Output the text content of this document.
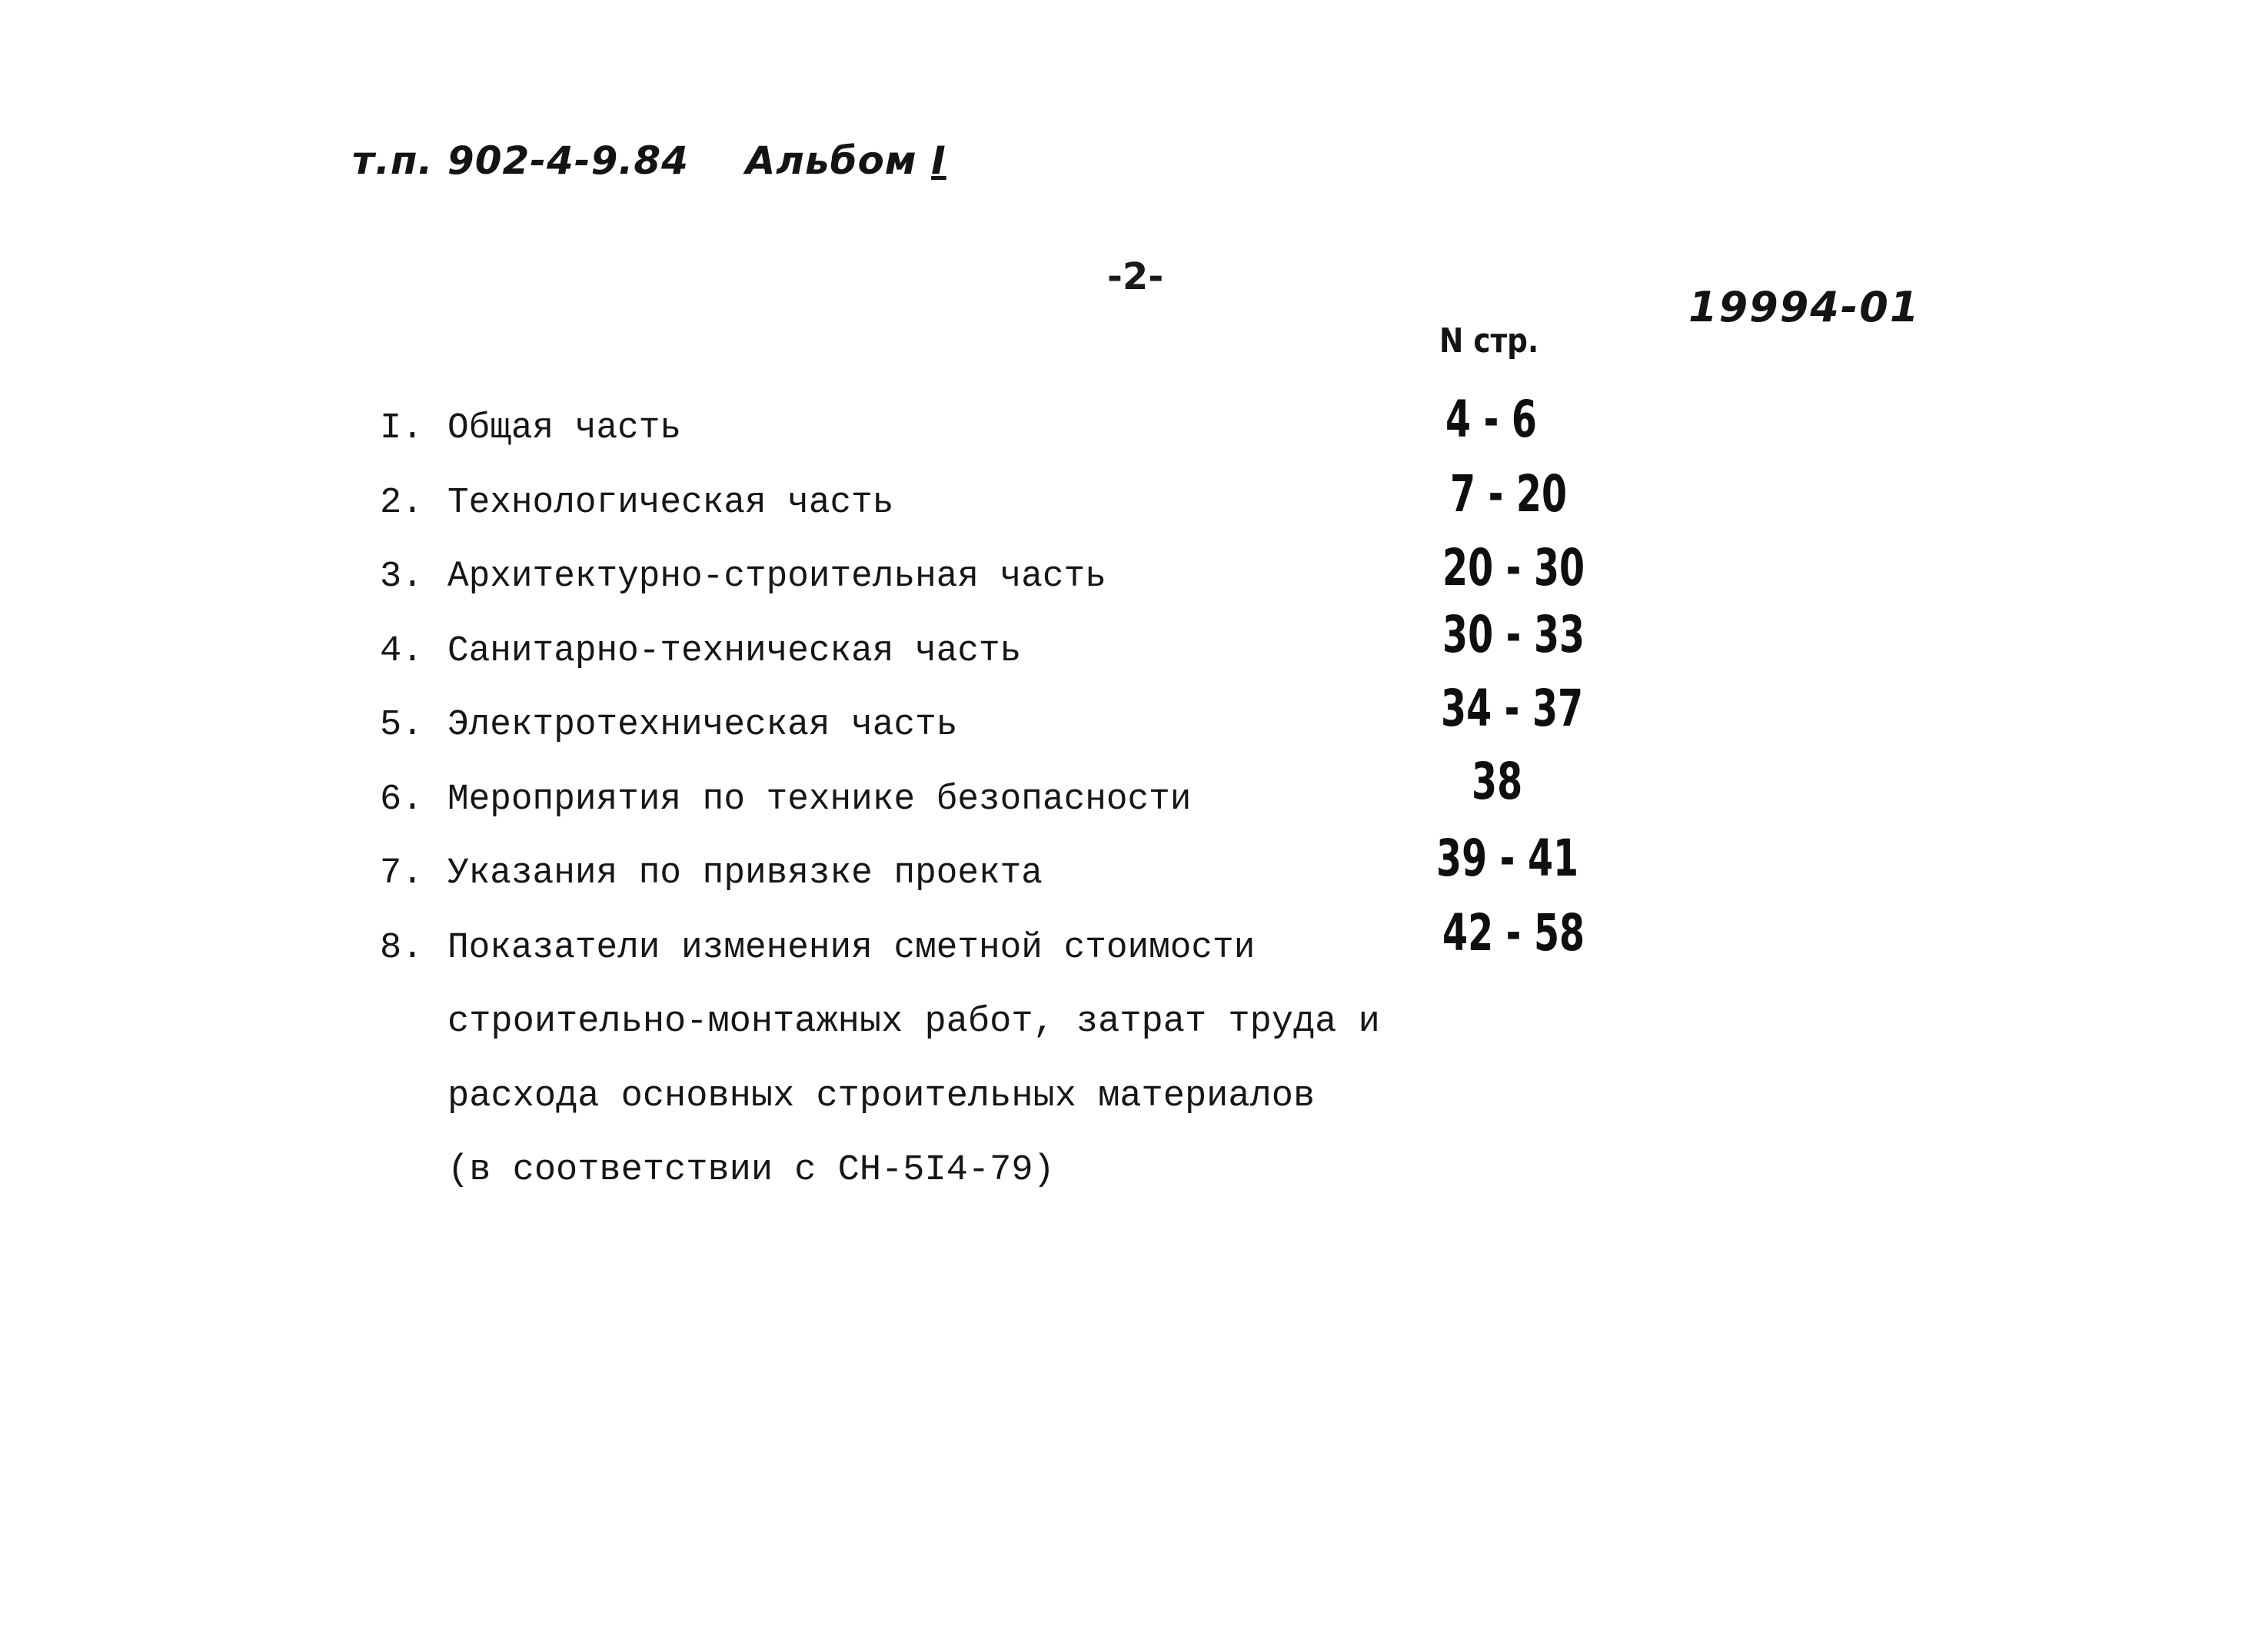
т.п. 902-4-9.84 Альбом I
-2-
19994-01
N стр.
I. Общая часть	4 - 6
2. Технологическая часть	7 - 20
3. Архитектурно-строительная часть	20 - 30
4. Санитарно-техническая часть	30 - 33
5. Электротехническая часть	34 - 37
6. Мероприятия по технике безопасности	38
7. Указания по привязке проекта	39 - 41
8. Показатели изменения сметной стоимости	42 - 58
строительно-монтажных работ, затрат труда и
расхода основных строительных материалов
(в соответствии с СН-5I4-79)
